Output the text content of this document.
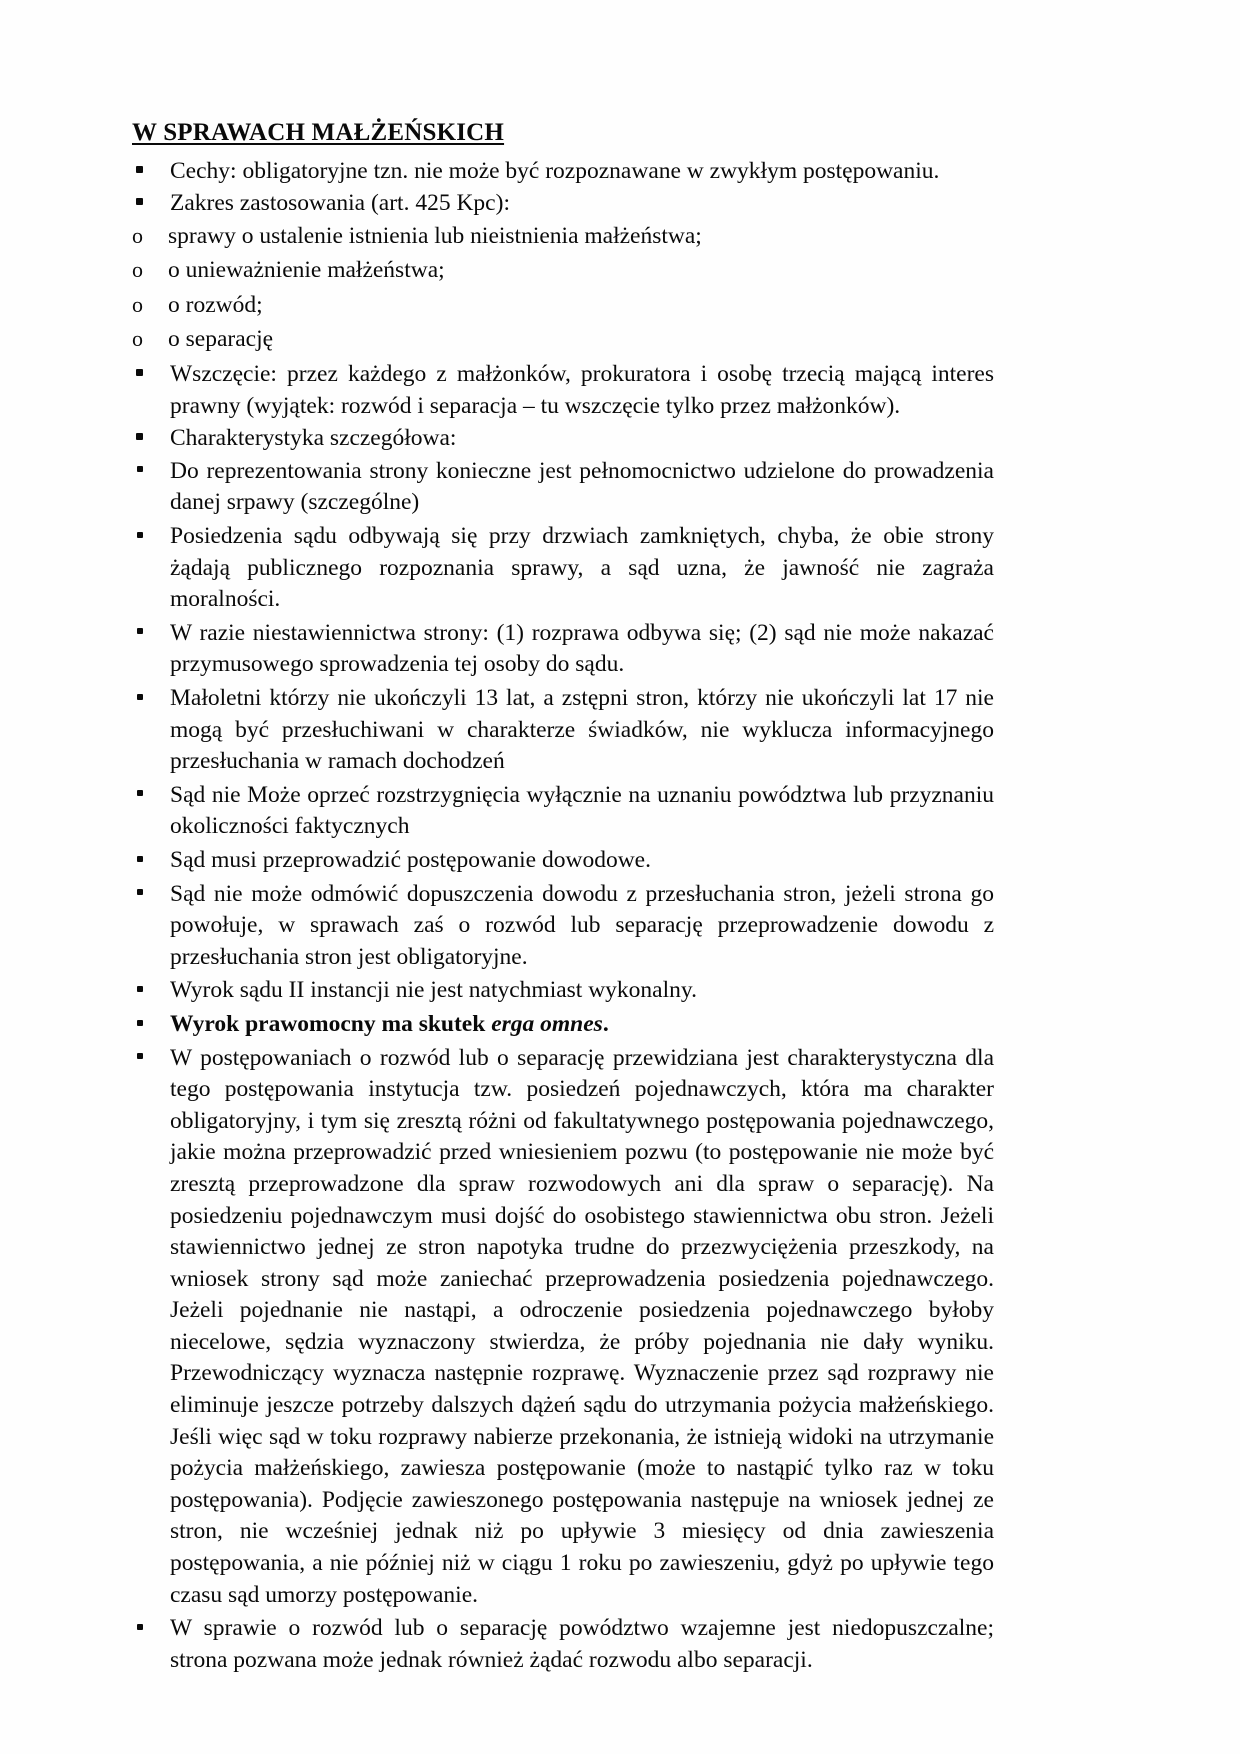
W SPRAWACH MAŁŻEŃSKICH
Cechy: obligatoryjne tzn. nie może być rozpoznawane w zwykłym postępowaniu.
Zakres zastosowania (art. 425 Kpc):
o	sprawy o ustalenie istnienia lub nieistnienia małżeństwa;
o	o unieważnienie małżeństwa;
o	o rozwód;
o	o separację
Wszczęcie: przez każdego z małżonków, prokuratora i osobę trzecią mającą interes prawny (wyjątek: rozwód i separacja – tu wszczęcie tylko przez małżonków).
Charakterystyka szczegółowa:
Do reprezentowania strony konieczne jest pełnomocnictwo udzielone do prowadzenia danej srpawy (szczególne)
Posiedzenia sądu odbywają się przy drzwiach zamkniętych, chyba, że obie strony żądają publicznego rozpoznania sprawy, a sąd uzna, że jawność nie zagraża moralności.
W razie niestawiennictwa strony: (1) rozprawa odbywa się; (2) sąd nie może nakazać przymusowego sprowadzenia tej osoby do sądu.
Małoletni którzy nie ukończyli 13 lat, a zstępni stron, którzy nie ukończyli lat 17 nie mogą być przesłuchiwani w charakterze świadków, nie wyklucza informacyjnego przesłuchania w ramach dochodzeń
Sąd nie Może oprzeć rozstrzygnięcia wyłącznie na uznaniu powództwa lub przyznaniu okoliczności faktycznych
Sąd musi przeprowadzić postępowanie dowodowe.
Sąd nie może odmówić dopuszczenia dowodu z przesłuchania stron, jeżeli strona go powołuje, w sprawach zaś o rozwód lub separację przeprowadzenie dowodu z przesłuchania stron jest obligatoryjne.
Wyrok sądu II instancji nie jest natychmiast wykonalny.
Wyrok prawomocny ma skutek erga omnes.
W postępowaniach o rozwód lub o separację przewidziana jest charakterystyczna dla tego postępowania instytucja tzw. posiedzeń pojednawczych, która ma charakter obligatoryjny, i tym się zresztą różni od fakultatywnego postępowania pojednawczego, jakie można przeprowadzić przed wniesieniem pozwu (to postępowanie nie może być zresztą przeprowadzone dla spraw rozwodowych ani dla spraw o separację). Na posiedzeniu pojednawczym musi dojść do osobistego stawiennictwa obu stron. Jeżeli stawiennictwo jednej ze stron napotyka trudne do przezwyciężenia przeszkody, na wniosek strony sąd może zaniechać przeprowadzenia posiedzenia pojednawczego. Jeżeli pojednanie nie nastąpi, a odroczenie posiedzenia pojednawczego byłoby niecelowe, sędzia wyznaczony stwierdza, że próby pojednania nie dały wyniku. Przewodniczący wyznacza następnie rozprawę. Wyznaczenie przez sąd rozprawy nie eliminuje jeszcze potrzeby dalszych dążeń sądu do utrzymania pożycia małżeńskiego. Jeśli więc sąd w toku rozprawy nabierze przekonania, że istnieją widoki na utrzymanie pożycia małżeńskiego, zawiesza postępowanie (może to nastąpić tylko raz w toku postępowania). Podjęcie zawieszonego postępowania następuje na wniosek jednej ze stron, nie wcześniej jednak niż po upływie 3 miesięcy od dnia zawieszenia postępowania, a nie później niż w ciągu 1 roku po zawieszeniu, gdyż po upływie tego czasu sąd umorzy postępowanie.
W sprawie o rozwód lub o separację powództwo wzajemne jest niedopuszczalne; strona pozwana może jednak również żądać rozwodu albo separacji.
